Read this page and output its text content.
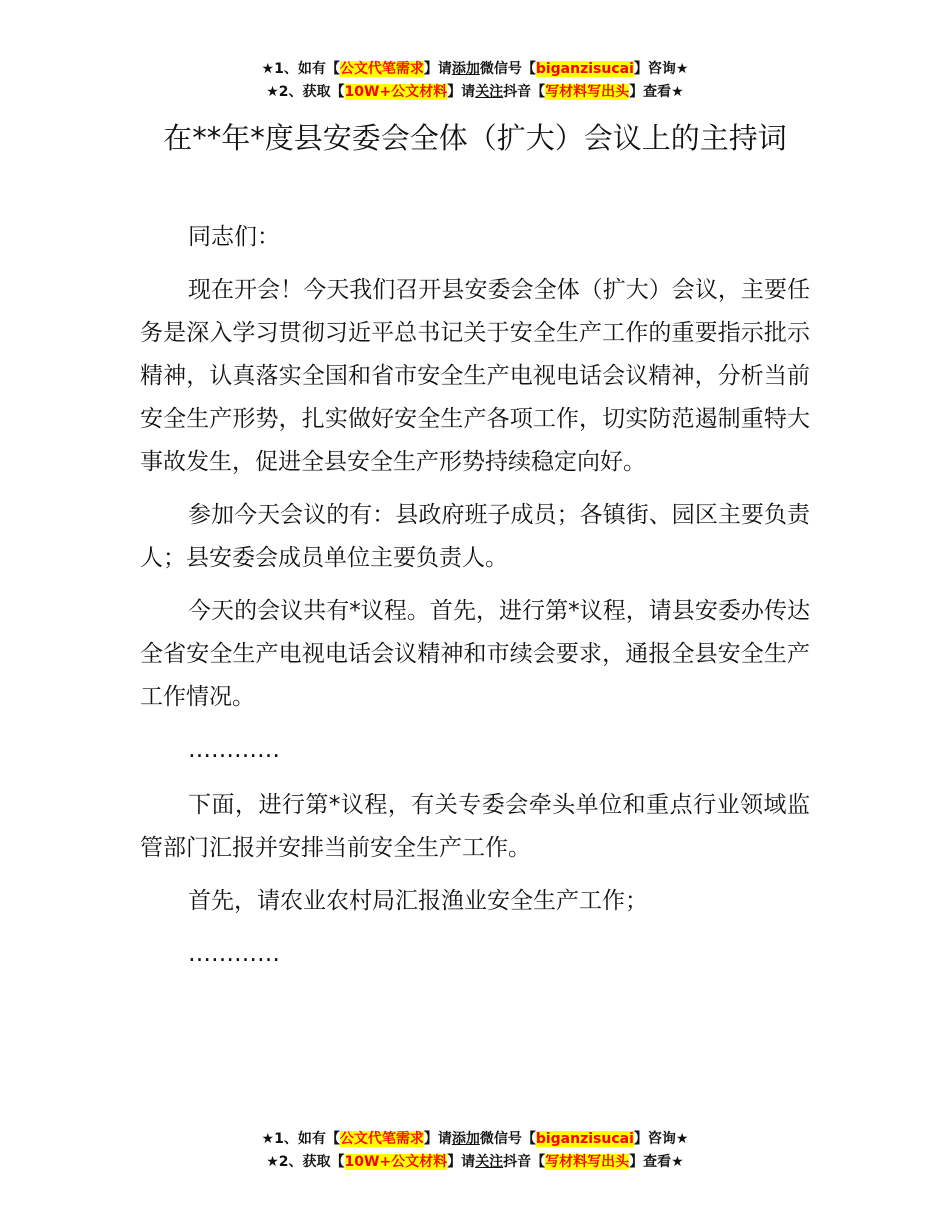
★1、如有【公文代笔需求】请添加微信号【biganzisucai】咨询★
★2、获取【10W+公文材料】请关注抖音【写材料写出头】查看★
在**年*度县安委会全体（扩大）会议上的主持词

同志们：

现在开会！今天我们召开县安委会全体（扩大）会议，主要任务是深入学习贯彻习近平总书记关于安全生产工作的重要指示批示精神，认真落实全国和省市安全生产电视电话会议精神，分析当前安全生产形势，扎实做好安全生产各项工作，切实防范遏制重特大事故发生，促进全县安全生产形势持续稳定向好。

参加今天会议的有：县政府班子成员；各镇街、园区主要负责人；县安委会成员单位主要负责人。

今天的会议共有*议程。首先，进行第*议程，请县安委办传达全省安全生产电视电话会议精神和市续会要求，通报全县安全生产工作情况。

…………

下面，进行第*议程，有关专委会牵头单位和重点行业领域监管部门汇报并安排当前安全生产工作。

首先，请农业农村局汇报渔业安全生产工作；

…………

★1、如有【公文代笔需求】请添加微信号【biganzisucai】咨询★
★2、获取【10W+公文材料】请关注抖音【写材料写出头】查看★
